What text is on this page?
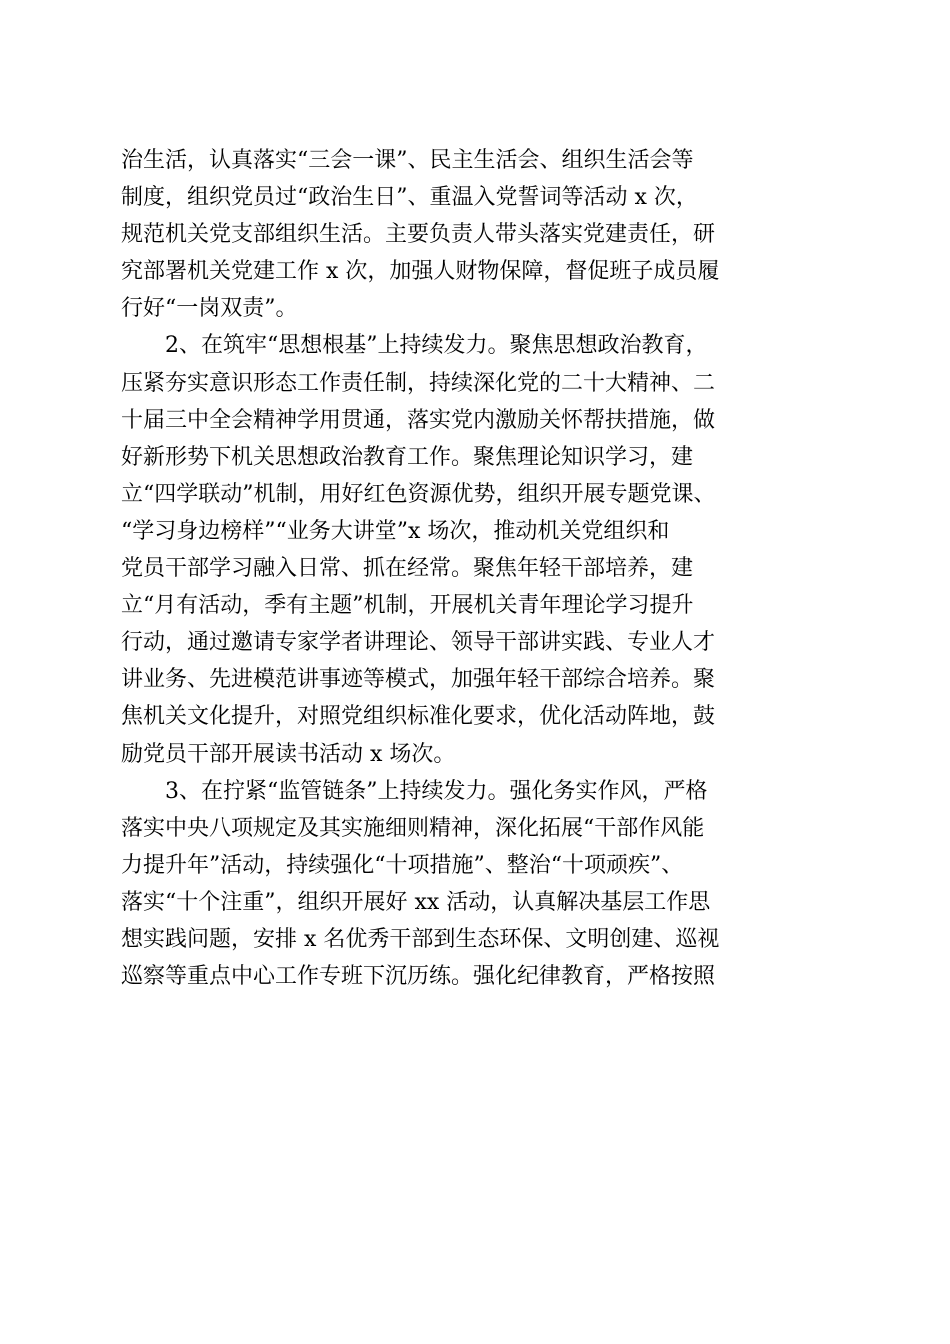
治生活，认真落实“三会一课”、民主生活会、组织生活会等
制度，组织党员过“政治生日”、重温入党誓词等活动 x 次，
规范机关党支部组织生活。主要负责人带头落实党建责任，研
究部署机关党建工作 x 次，加强人财物保障，督促班子成员履
行好“一岗双责”。
2、在筑牢“思想根基”上持续发力。聚焦思想政治教育，
压紧夯实意识形态工作责任制，持续深化党的二十大精神、二
十届三中全会精神学用贯通，落实党内激励关怀帮扶措施，做
好新形势下机关思想政治教育工作。聚焦理论知识学习，建
立“四学联动”机制，用好红色资源优势，组织开展专题党课、
“学习身边榜样”“业务大讲堂”x 场次，推动机关党组织和
党员干部学习融入日常、抓在经常。聚焦年轻干部培养，建
立“月有活动，季有主题”机制，开展机关青年理论学习提升
行动，通过邀请专家学者讲理论、领导干部讲实践、专业人才
讲业务、先进模范讲事迹等模式，加强年轻干部综合培养。聚
焦机关文化提升，对照党组织标准化要求，优化活动阵地，鼓
励党员干部开展读书活动 x 场次。
3、在拧紧“监管链条”上持续发力。强化务实作风，严格
落实中央八项规定及其实施细则精神，深化拓展“干部作风能
力提升年”活动，持续强化“十项措施”、整治“十项顽疾”、
落实“十个注重”，组织开展好 xx 活动，认真解决基层工作思
想实践问题，安排 x 名优秀干部到生态环保、文明创建、巡视
巡察等重点中心工作专班下沉历练。强化纪律教育，严格按照
